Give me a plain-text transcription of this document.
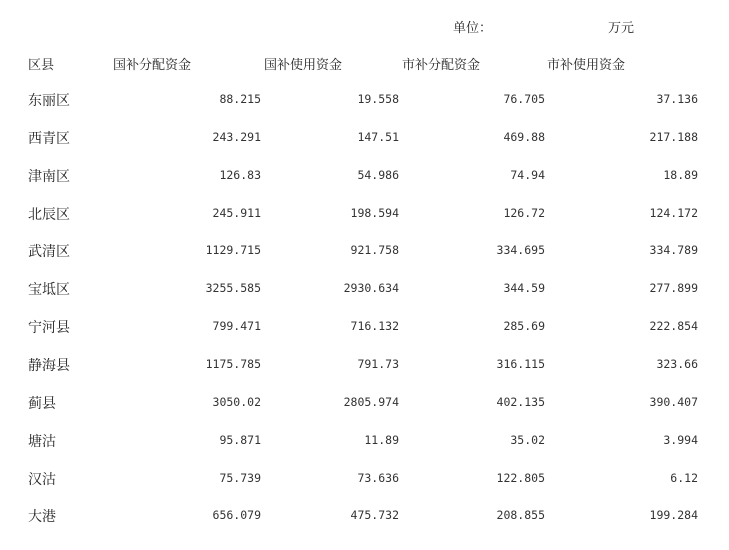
单位：	万元
区县	国补分配资金	国补使用资金	市补分配资金	市补使用资金
东丽区	88.215	19.558	76.705	37.136
西青区	243.291	147.51	469.88	217.188
津南区	126.83	54.986	74.94	18.89
北辰区	245.911	198.594	126.72	124.172
武清区	1129.715	921.758	334.695	334.789
宝坻区	3255.585	2930.634	344.59	277.899
宁河县	799.471	716.132	285.69	222.854
静海县	1175.785	791.73	316.115	323.66
蓟县	3050.02	2805.974	402.135	390.407
塘沽	95.871	11.89	35.02	3.994
汉沽	75.739	73.636	122.805	6.12
大港	656.079	475.732	208.855	199.284
